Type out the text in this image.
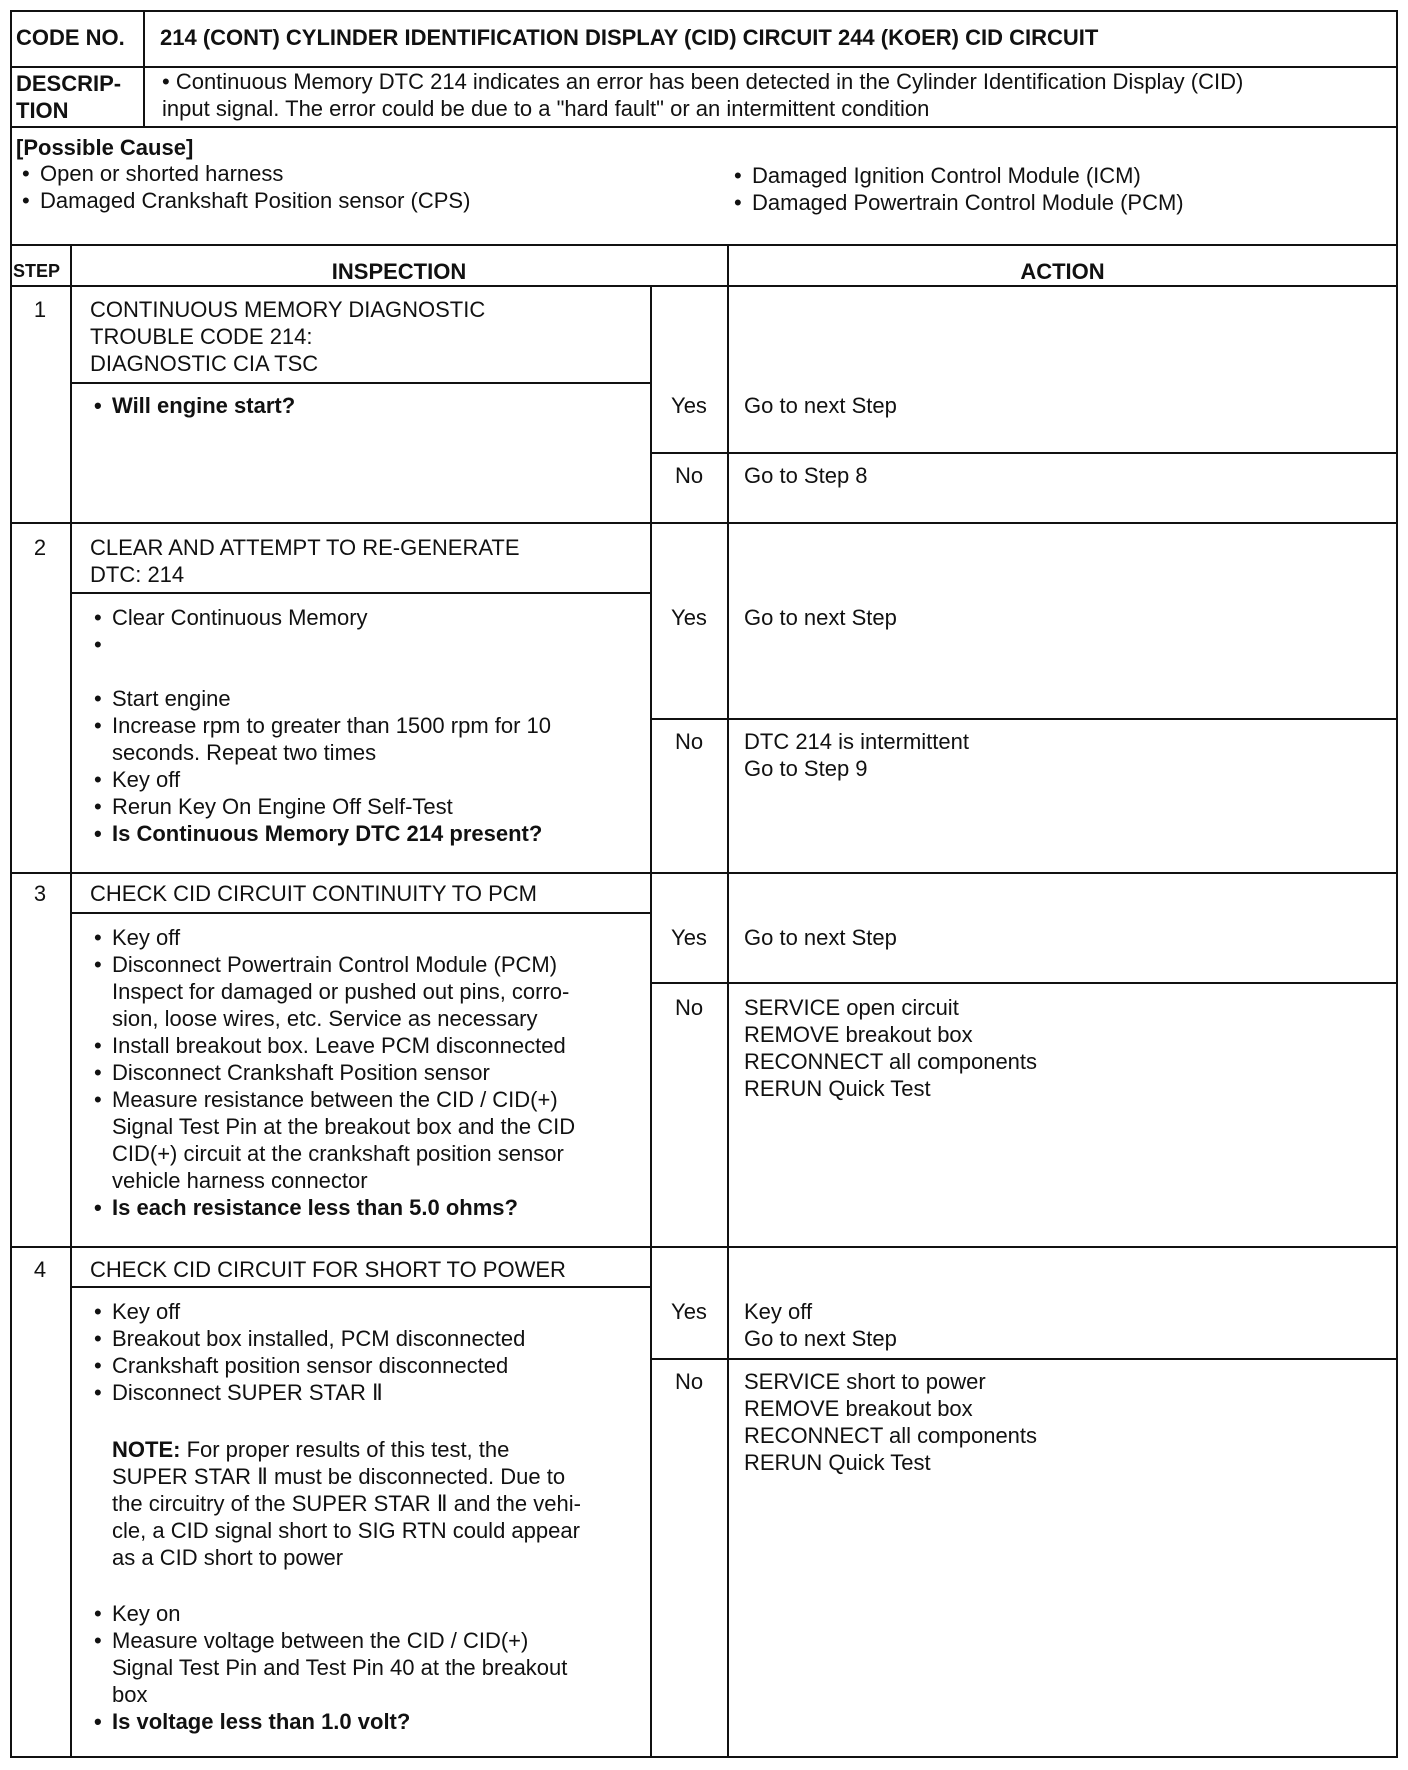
CODE NO. 214 (CONT) CYLINDER IDENTIFICATION DISPLAY (CID) CIRCUIT 244 (KOER) CID CIRCUIT
DESCRIP-
TION
• Continuous Memory DTC 214 indicates an error has been detected in the Cylinder Identification Display (CID)
input signal. The error could be due to a "hard fault" or an intermittent condition
[Possible Cause]
• Open or shorted harness
• Damaged Crankshaft Position sensor (CPS)
• Damaged Ignition Control Module (ICM)
• Damaged Powertrain Control Module (PCM)
STEP	INSPECTION	ACTION
1	CONTINUOUS MEMORY DIAGNOSTIC
TROUBLE CODE 214:
DIAGNOSTIC CIA TSC
• Will engine start?	Yes	Go to next Step
No	Go to Step 8
2	CLEAR AND ATTEMPT TO RE-GENERATE
DTC: 214
• Clear Continuous Memory
•
• Start engine
• Increase rpm to greater than 1500 rpm for 10
seconds. Repeat two times
• Key off
• Rerun Key On Engine Off Self-Test
• Is Continuous Memory DTC 214 present?
Yes	Go to next Step
No	DTC 214 is intermittent
Go to Step 9
3	CHECK CID CIRCUIT CONTINUITY TO PCM
• Key off
• Disconnect Powertrain Control Module (PCM)
Inspect for damaged or pushed out pins, corro-
sion, loose wires, etc. Service as necessary
• Install breakout box. Leave PCM disconnected
• Disconnect Crankshaft Position sensor
• Measure resistance between the CID / CID(+)
Signal Test Pin at the breakout box and the CID
CID(+) circuit at the crankshaft position sensor
vehicle harness connector
• Is each resistance less than 5.0 ohms?
Yes	Go to next Step
No	SERVICE open circuit
REMOVE breakout box
RECONNECT all components
RERUN Quick Test
4	CHECK CID CIRCUIT FOR SHORT TO POWER
• Key off
• Breakout box installed, PCM disconnected
• Crankshaft position sensor disconnected
• Disconnect SUPER STAR Ⅱ
NOTE: For proper results of this test, the
SUPER STAR Ⅱ must be disconnected. Due to
the circuitry of the SUPER STAR Ⅱ and the vehi-
cle, a CID signal short to SIG RTN could appear
as a CID short to power
• Key on
• Measure voltage between the CID / CID(+)
Signal Test Pin and Test Pin 40 at the breakout
box
• Is voltage less than 1.0 volt?
Yes	Key off
Go to next Step
No	SERVICE short to power
REMOVE breakout box
RECONNECT all components
RERUN Quick Test
